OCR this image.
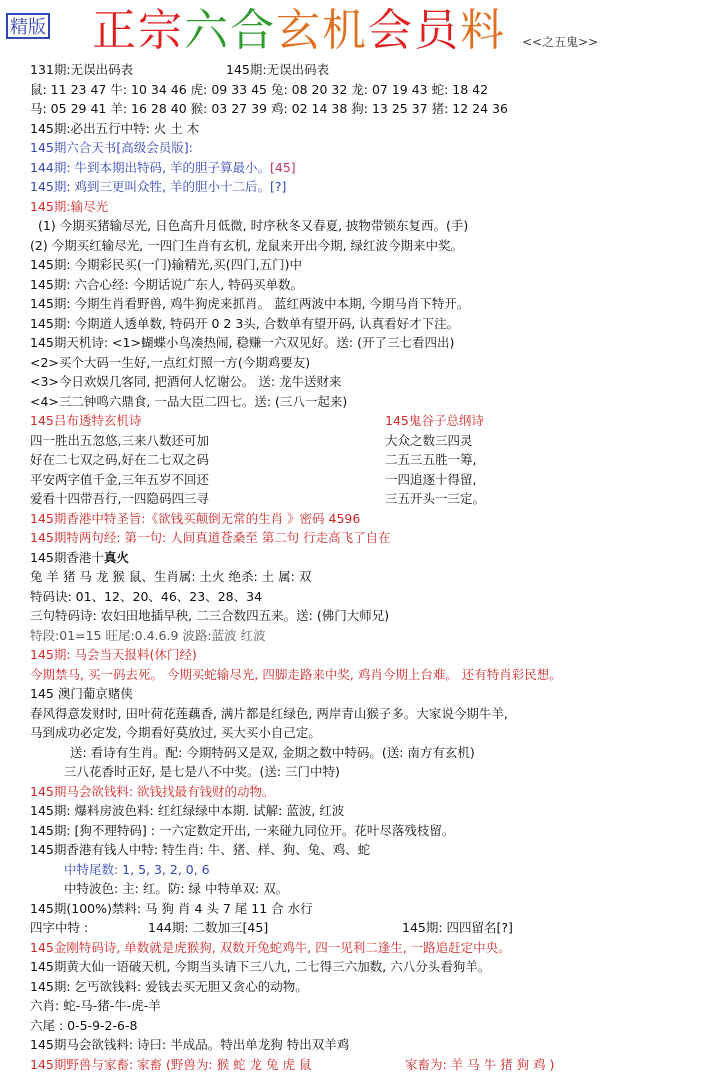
精版 正宗六合玄机会员料 <<之五鬼>>
131期:无误出码表	145期:无误出码表
鼠: 11 23 47 牛: 10 34 46 虎: 09 33 45 兔: 08 20 32 龙: 07 19 43 蛇: 18 42
马: 05 29 41 羊: 16 28 40 猴: 03 27 39 鸡: 02 14 38 狗: 13 25 37 猪: 12 24 36
145期:必出五行中特: 火 土 木
145期六合天书[高级会员版]:
144期: 牛到本期出特码, 羊的胆子算最小。[45]
145期: 鸡到三更叫众牲, 羊的胆小十二后。[?]
145期:输尽光
(1) 今期买猪输尽光, 日色高升月低微, 时序秋冬又春夏, 披物带锁东复西。(手)
(2) 今期买红输尽光, 一四门生肖有玄机, 龙鼠来开出今期, 绿红波今期来中奖。
145期: 今期彩民买(一门)输精光,买(四门,五门)中
145期: 六合心经: 今期话说广东人, 特码买单数。
145期: 今期生肖看野兽, 鸡牛狗虎来抓肖。 蓝红两波中本期, 今期马肖下特开。
145期: 今期道人透单数, 特码开 0 2 3头, 合数单有望开码, 认真看好才下注。
145期天机诗: <1>蝴蝶小鸟凑热闹, 稳赚一六双见好。送: (开了三七看四出)
<2>买个大码一生好,一点红灯照一方(今期鸡要友)
<3>今日欢娱几客同, 把酒何人忆谢公。 送: 龙牛送财来
<4>三二钟鸣六鼎食, 一品大臣二四七。送: (三八一起来)
145吕布透特玄机诗	145鬼谷子总纲诗
四一胜出五忽悠,三来八数还可加	大众之数三四灵
好在二七双之码,好在二七双之码	二五三五胜一筹,
平安两字值千金,三年五岁不回还	一四追逐十得留,
爱看十四带吾行,一四隐码四三寻	三五开头一三定。
145期香港中特圣旨:《欲钱买颠倒无常的生肖 》密码 4596
145期特两句经: 第一句: 人间真道苍桑至 第二句 行走高飞了自在
145期香港十真火
兔 羊 猪 马 龙 猴 鼠、生肖属: 土火 绝杀: 土 属: 双
特码诀: 01、12、20、46、23、28、34
三句特码诗: 农妇田地插早秧, 二三合数四五来。送: (佛门大师兄)
特段:01=15 旺尾:0.4.6.9 波路:蓝波 红波
145期: 马会当天报料(休门经)
今期禁马, 买一码去死。 今期买蛇输尽光, 四脚走路来中奖, 鸡肖今期上台难。 还有特肖彩民想。
145 澳门葡京赌侠
春风得意发财时, 田叶荷花莲藕香, 满片都是红绿色, 两岸青山猴子多。大家说今期牛羊,
马到成功必定发, 今期看好莫放过, 买大买小自己定。
送: 看诗有生肖。配: 今期特码又是双, 金期之数中特码。(送: 南方有玄机)
三八花香时正好, 是七是八不中奖。(送: 三门中特)
145期马会欲钱料: 欲钱找最有钱财的动物。
145期: 爆料房波色料: 红红绿绿中本期. 试解: 蓝波, 红波
145期: [狗不理特码] : 一六定数定开出, 一来碰九同位开。花叶尽落残枝留。
145期香港有钱人中特: 特生肖: 牛、猪、样、狗、兔、鸡、蛇
中特尾数: 1, 5, 3, 2, 0, 6
中特波色: 主: 红。防: 绿 中特单双: 双。
145期(100%)禁料: 马 狗 肖 4 头 7 尾 11 合 水行
四字中特 :	144期: 二数加三[45]	145期: 四四留名[?]
145金刚特码诗, 单数就是虎猴狗, 双数开兔蛇鸡牛, 四一见利二逢生, 一路追赶定中央。
145期黄大仙一语破天机, 今期当头请下三八九, 二七得三六加数, 六八分头看狗羊。
145期: 乞丐欲钱料: 爱钱去买无胆又贪心的动物。
六肖: 蛇-马-猪-牛-虎-羊
六尾 : 0-5-9-2-6-8
145期马会欲钱料: 诗曰: 半成品。特出单龙狗 特出双羊鸡
145期野兽与家畜: 家畜 (野兽为: 猴 蛇 龙 兔 虎 鼠	家畜为: 羊 马 牛 猪 狗 鸡 )
